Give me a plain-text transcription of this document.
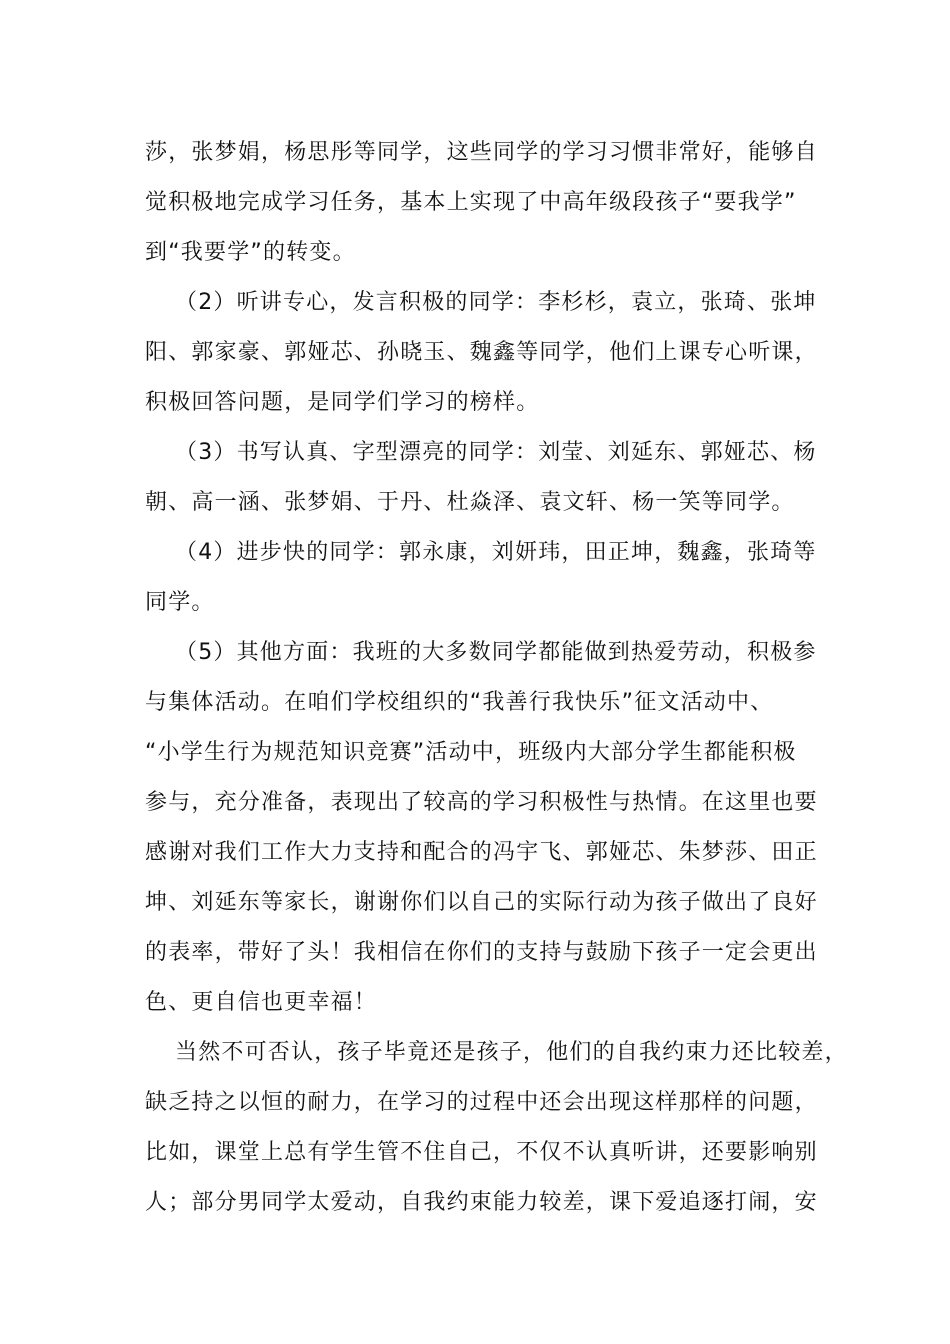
莎，张梦娟，杨思彤等同学，这些同学的学习习惯非常好，能够自
觉积极地完成学习任务，基本上实现了中高年级段孩子“要我学”
到“我要学”的转变。
（2）听讲专心，发言积极的同学：李杉杉，袁立，张琦、张坤
阳、郭家豪、郭娅芯、孙晓玉、魏鑫等同学，他们上课专心听课，
积极回答问题，是同学们学习的榜样。
（3）书写认真、字型漂亮的同学：刘莹、刘延东、郭娅芯、杨
朝、高一涵、张梦娟、于丹、杜焱泽、袁文轩、杨一笑等同学。
（4）进步快的同学：郭永康，刘妍玮，田正坤，魏鑫，张琦等
同学。
（5）其他方面：我班的大多数同学都能做到热爱劳动，积极参
与集体活动。在咱们学校组织的“我善行我快乐”征文活动中、
“小学生行为规范知识竞赛”活动中，班级内大部分学生都能积极
参与，充分准备，表现出了较高的学习积极性与热情。在这里也要
感谢对我们工作大力支持和配合的冯宇飞、郭娅芯、朱梦莎、田正
坤、刘延东等家长，谢谢你们以自己的实际行动为孩子做出了良好
的表率，带好了头！我相信在你们的支持与鼓励下孩子一定会更出
色、更自信也更幸福！
当然不可否认，孩子毕竟还是孩子，他们的自我约束力还比较差，
缺乏持之以恒的耐力，在学习的过程中还会出现这样那样的问题，
比如，课堂上总有学生管不住自己，不仅不认真听讲，还要影响别
人；部分男同学太爱动，自我约束能力较差，课下爱追逐打闹，安
